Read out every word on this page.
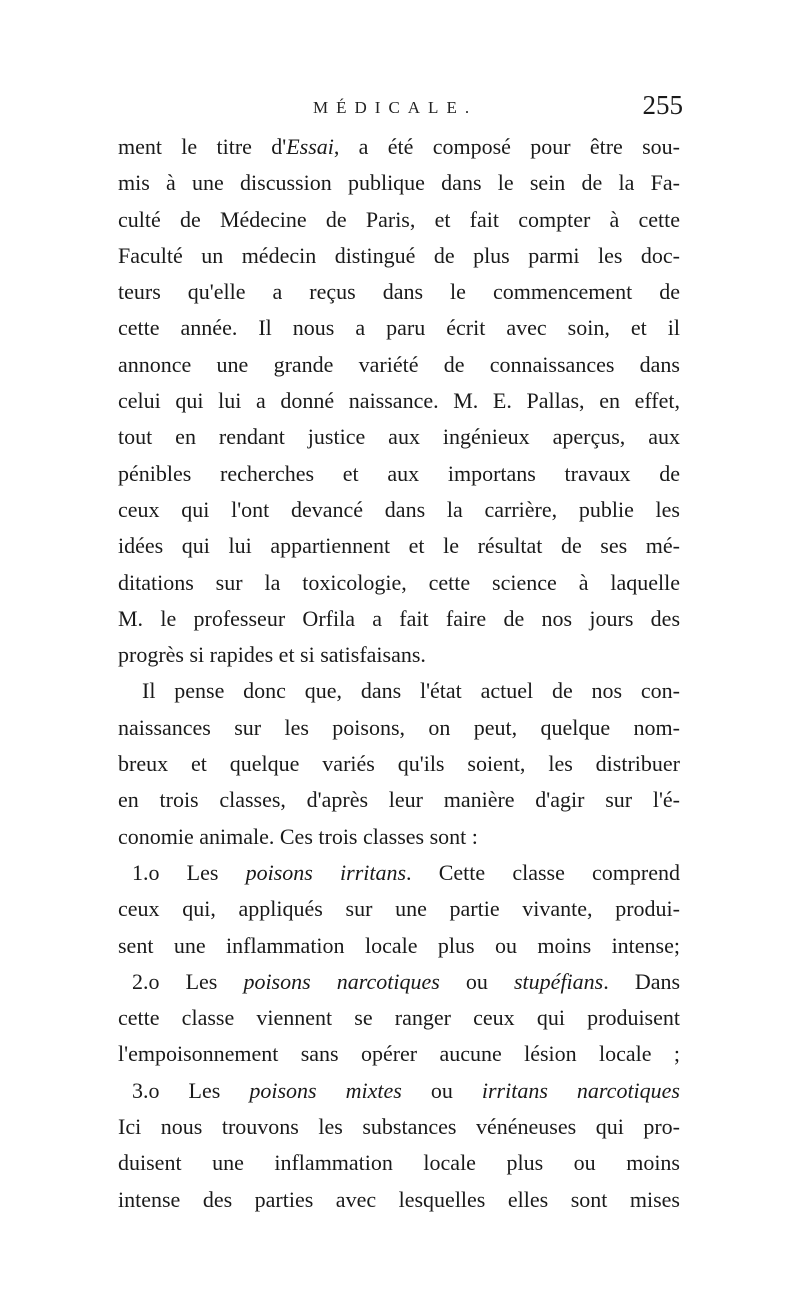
MÉDICALE.	255
ment le titre d'Essai, a été composé pour être sou-
mis à une discussion publique dans le sein de la Fa-
culté de Médecine de Paris, et fait compter à cette
Faculté un médecin distingué de plus parmi les doc-
teurs qu'elle a reçus dans le commencement de
cette année. Il nous a paru écrit avec soin, et il
annonce une grande variété de connaissances dans
celui qui lui a donné naissance. M. E. Pallas, en effet,
tout en rendant justice aux ingénieux aperçus, aux
pénibles recherches et aux importans travaux de
ceux qui l'ont devancé dans la carrière, publie les
idées qui lui appartiennent et le résultat de ses mé-
ditations sur la toxicologie, cette science à laquelle
M. le professeur Orfila a fait faire de nos jours des
progrès si rapides et si satisfaisans.
Il pense donc que, dans l'état actuel de nos con-
naissances sur les poisons, on peut, quelque nom-
breux et quelque variés qu'ils soient, les distribuer
en trois classes, d'après leur manière d'agir sur l'é-
conomie animale. Ces trois classes sont :
1.o Les poisons irritans. Cette classe comprend
ceux qui, appliqués sur une partie vivante, produi-
sent une inflammation locale plus ou moins intense;
2.o Les poisons narcotiques ou stupéfians. Dans
cette classe viennent se ranger ceux qui produisent
l'empoisonnement sans opérer aucune lésion locale ;
3.o Les poisons mixtes ou irritans narcotiques
Ici nous trouvons les substances vénéneuses qui pro-
duisent une inflammation locale plus ou moins
intense des parties avec lesquelles elles sont mises
